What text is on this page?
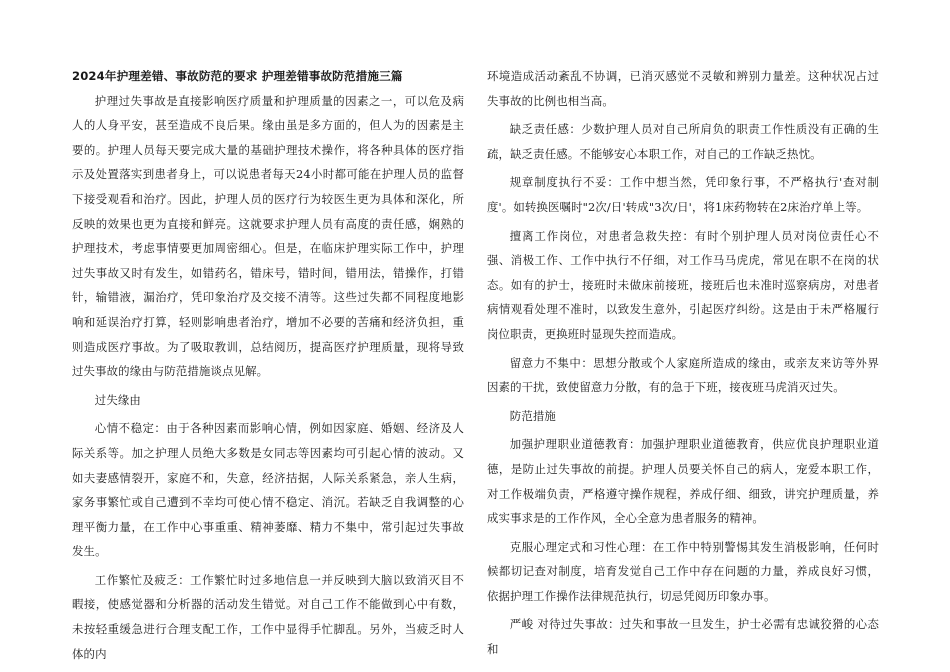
2024年护理差错、事故防范的要求 护理差错事故防范措施三篇

护理过失事故是直接影响医疗质量和护理质量的因素之一，可以危及病人的人身平安，甚至造成不良后果。缘由虽是多方面的，但人为的因素是主要的。护理人员每天要完成大量的基础护理技术操作，将各种具体的医疗指示及处置落实到患者身上，可以说患者每天24小时都可能在护理人员的监督下接受观看和治疗。因此，护理人员的医疗行为较医生更为具体和深化，所反映的效果也更为直接和鲜亮。这就要求护理人员有高度的责任感，娴熟的护理技术，考虑事情要更加周密细心。但是，在临床护理实际工作中，护理过失事故又时有发生，如错药名，错床号，错时间，错用法，错操作，打错针，输错液，漏治疗，凭印象治疗及交接不清等。这些过失都不同程度地影响和延误治疗打算，轻则影响患者治疗，增加不必要的苦痛和经济负担，重则造成医疗事故。为了吸取教训，总结阅历，提高医疗护理质量，现将导致过失事故的缘由与防范措施谈点见解。

过失缘由

心情不稳定：由于各种因素而影响心情，例如因家庭、婚姻、经济及人际关系等。加之护理人员绝大多数是女同志等因素均可引起心情的波动。又如夫妻感情裂开，家庭不和，失意，经济拮据，人际关系紧急，亲人生病，家务事繁忙或自己遭到不幸均可使心情不稳定、消沉。若缺乏自我调整的心理平衡力量，在工作中心事重重、精神萎靡、精力不集中，常引起过失事故发生。

工作繁忙及疲乏：工作繁忙时过多地信息一并反映到大脑以致消灭目不暇接，使感觉器和分析器的活动发生错觉。对自己工作不能做到心中有数，未按轻重缓急进行合理支配工作，工作中显得手忙脚乱。另外，当疲乏时人体的内

环境造成活动紊乱不协调，已消灭感觉不灵敏和辨别力量差。这种状况占过失事故的比例也相当高。

缺乏责任感：少数护理人员对自己所肩负的职责工作性质没有正确的生疏，缺乏责任感。不能够安心本职工作，对自己的工作缺乏热忱。

规章制度执行不妥：工作中想当然，凭印象行事，不严格执行'查对制度'。如转换医嘱时"2次/日'转成"3次/日'，将1床药物转在2床治疗单上等。

擅离工作岗位，对患者急救失控：有时个别护理人员对岗位责任心不强、消极工作、工作中执行不仔细，对工作马马虎虎，常见在职不在岗的状态。如有的护士，接班时未做床前接班，接班后也未准时巡察病房，对患者病情观看处理不准时，以致发生意外，引起医疗纠纷。这是由于未严格履行岗位职责，更换班时显现失控而造成。

留意力不集中：思想分散或个人家庭所造成的缘由，或亲友来访等外界因素的干扰，致使留意力分散，有的急于下班，接夜班马虎消灭过失。

防范措施

加强护理职业道德教育：加强护理职业道德教育，供应优良护理职业道德，是防止过失事故的前提。护理人员要关怀自己的病人，宠爱本职工作，对工作极端负责，严格遵守操作规程，养成仔细、细致，讲究护理质量，养成实事求是的工作作风，全心全意为患者服务的精神。

克服心理定式和习性心理：在工作中特别警惕其发生消极影响，任何时候都切记查对制度，培育发觉自己工作中存在问题的力量，养成良好习惯，依据护理工作操作法律规范执行，切忌凭阅历印象办事。

严峻 对待过失事故：过失和事故一旦发生，护士必需有忠诚狡猾的心态和
